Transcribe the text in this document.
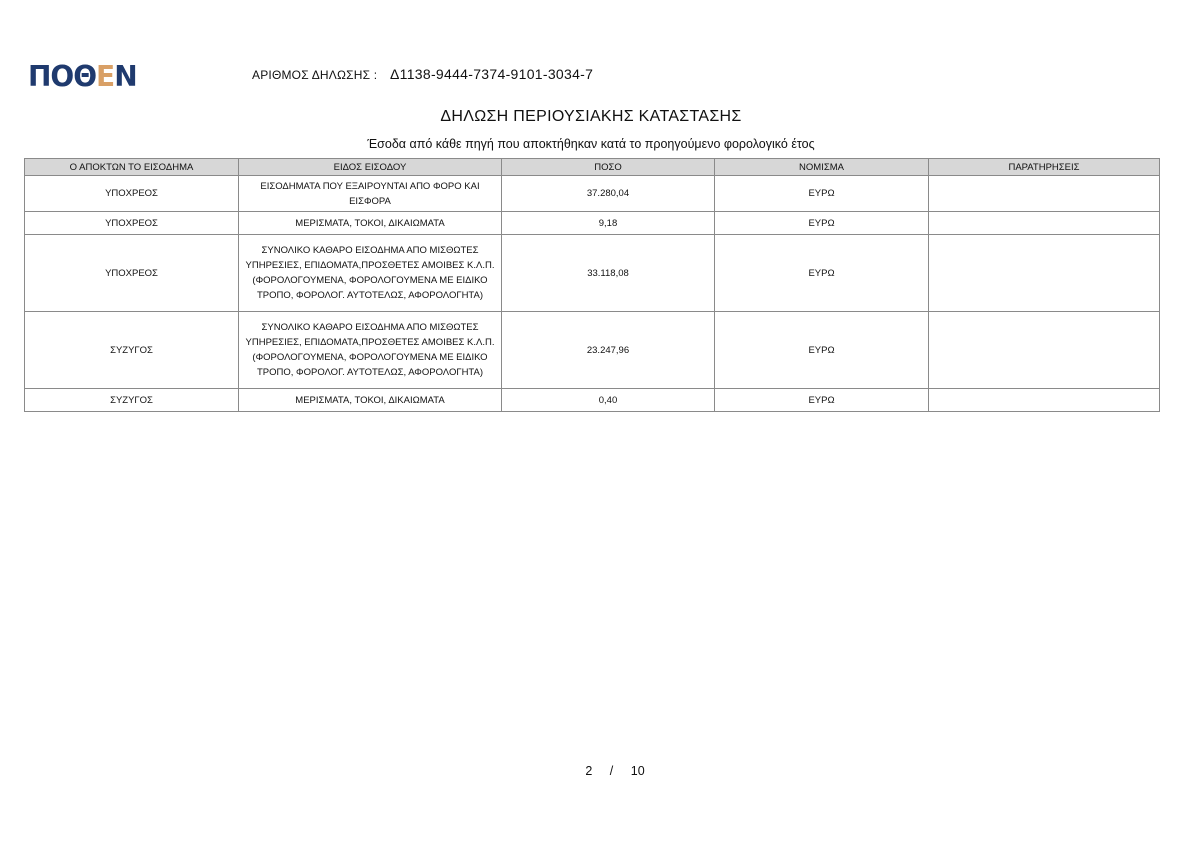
ΠΟΘΕΝ	ΑΡΙΘΜΟΣ ΔΗΛΩΣΗΣ : Δ1138-9444-7374-9101-3034-7
ΔΗΛΩΣΗ ΠΕΡΙΟΥΣΙΑΚΗΣ ΚΑΤΑΣΤΑΣΗΣ
Έσοδα από κάθε πηγή που αποκτήθηκαν κατά το προηγούμενο φορολογικό έτος
Ο ΑΠΟΚΤΩΝ ΤΟ ΕΙΣΟΔΗΜΑ	ΕΙΔΟΣ ΕΙΣΟΔΟΥ	ΠΟΣΟ	ΝΟΜΙΣΜΑ	ΠΑΡΑΤΗΡΗΣΕΙΣ
ΥΠΟΧΡΕΟΣ	ΕΙΣΟΔΗΜΑΤΑ ΠΟΥ ΕΞΑΙΡΟΥΝΤΑΙ ΑΠΟ ΦΟΡΟ ΚΑΙ ΕΙΣΦΟΡΑ	37.280,04	ΕΥΡΩ	
ΥΠΟΧΡΕΟΣ	ΜΕΡΙΣΜΑΤΑ, ΤΟΚΟΙ, ΔΙΚΑΙΩΜΑΤΑ	9,18	ΕΥΡΩ	
ΥΠΟΧΡΕΟΣ	ΣΥΝΟΛΙΚΟ ΚΑΘΑΡΟ ΕΙΣΟΔΗΜΑ ΑΠΟ ΜΙΣΘΩΤΕΣ ΥΠΗΡΕΣΙΕΣ, ΕΠΙΔΟΜΑΤΑ,ΠΡΟΣΘΕΤΕΣ ΑΜΟΙΒΕΣ Κ.Λ.Π.(ΦΟΡΟΛΟΓΟΥΜΕΝΑ, ΦΟΡΟΛΟΓΟΥΜΕΝΑ ΜΕ ΕΙΔΙΚΟ ΤΡΟΠΟ, ΦΟΡΟΛΟΓ. ΑΥΤΟΤΕΛΩΣ, ΑΦΟΡΟΛΟΓΗΤΑ)	33.118,08	ΕΥΡΩ	
ΣΥΖΥΓΟΣ	ΣΥΝΟΛΙΚΟ ΚΑΘΑΡΟ ΕΙΣΟΔΗΜΑ ΑΠΟ ΜΙΣΘΩΤΕΣ ΥΠΗΡΕΣΙΕΣ, ΕΠΙΔΟΜΑΤΑ,ΠΡΟΣΘΕΤΕΣ ΑΜΟΙΒΕΣ Κ.Λ.Π.(ΦΟΡΟΛΟΓΟΥΜΕΝΑ, ΦΟΡΟΛΟΓΟΥΜΕΝΑ ΜΕ ΕΙΔΙΚΟ ΤΡΟΠΟ, ΦΟΡΟΛΟΓ. ΑΥΤΟΤΕΛΩΣ, ΑΦΟΡΟΛΟΓΗΤΑ)	23.247,96	ΕΥΡΩ	
ΣΥΖΥΓΟΣ	ΜΕΡΙΣΜΑΤΑ, ΤΟΚΟΙ, ΔΙΚΑΙΩΜΑΤΑ	0,40	ΕΥΡΩ	
2 / 10
